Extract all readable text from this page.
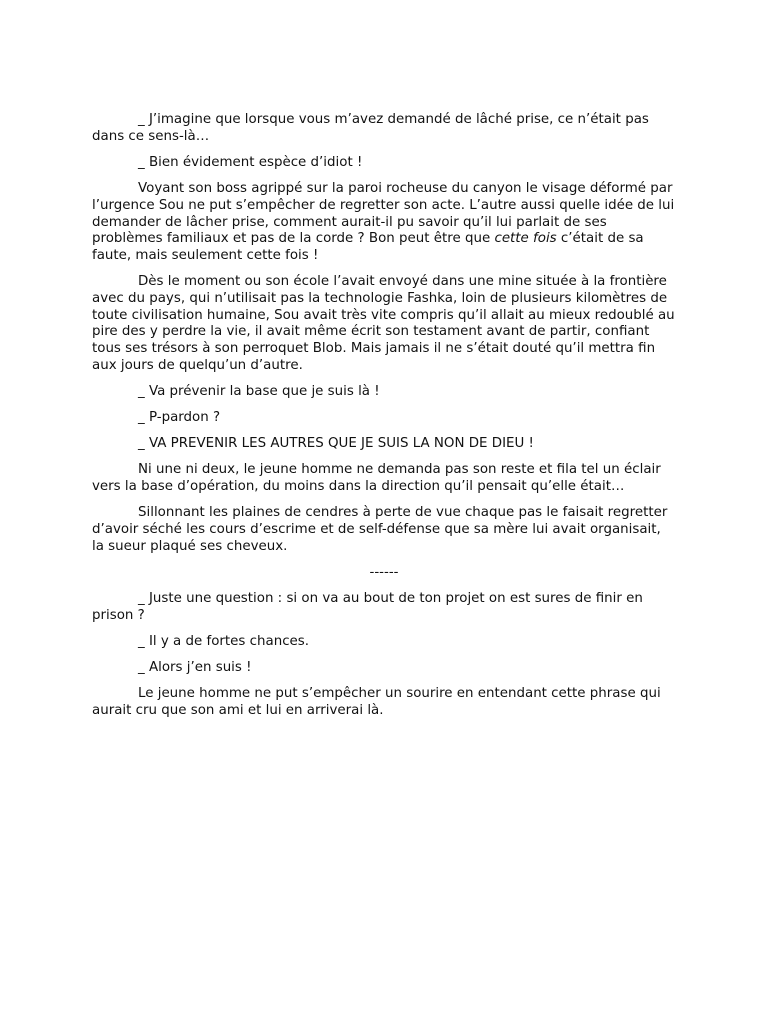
_ J’imagine que lorsque vous m’avez demandé de lâché prise, ce n’était pas dans ce sens-là…

_ Bien évidement espèce d’idiot !

Voyant son boss agrippé sur la paroi rocheuse du canyon le visage déformé par l’urgence Sou ne put s’empêcher de regretter son acte. L’autre aussi quelle idée de lui demander de lâcher prise, comment aurait-il pu savoir qu’il lui parlait de ses problèmes familiaux et pas de la corde ? Bon peut être que cette fois c’était de sa faute, mais seulement cette fois !

Dès le moment ou son école l’avait envoyé dans une mine située à la frontière avec du pays, qui n’utilisait pas la technologie Fashka, loin de plusieurs kilomètres de toute civilisation humaine, Sou avait très vite compris qu’il allait au mieux redoublé au pire des y perdre la vie, il avait même écrit son testament avant de partir, confiant tous ses trésors à son perroquet Blob. Mais jamais il ne s’était douté qu’il mettra fin aux jours de quelqu’un d’autre.

_ Va prévenir la base que je suis là !

_ P-pardon ?

_ VA PREVENIR LES AUTRES QUE JE SUIS LA NON DE DIEU !

Ni une ni deux, le jeune homme ne demanda pas son reste et fila tel un éclair vers la base d’opération, du moins dans la direction qu’il pensait qu’elle était…

Sillonnant les plaines de cendres à perte de vue chaque pas le faisait regretter d’avoir séché les cours d’escrime et de self-défense que sa mère lui avait organisait, la sueur plaqué ses cheveux.

------

_ Juste une question : si on va au bout de ton projet on est sures de finir en prison ?

_ Il y a de fortes chances.

_ Alors j’en suis !

Le jeune homme ne put s’empêcher un sourire en entendant cette phrase qui aurait cru que son ami et lui en arriverai là.
